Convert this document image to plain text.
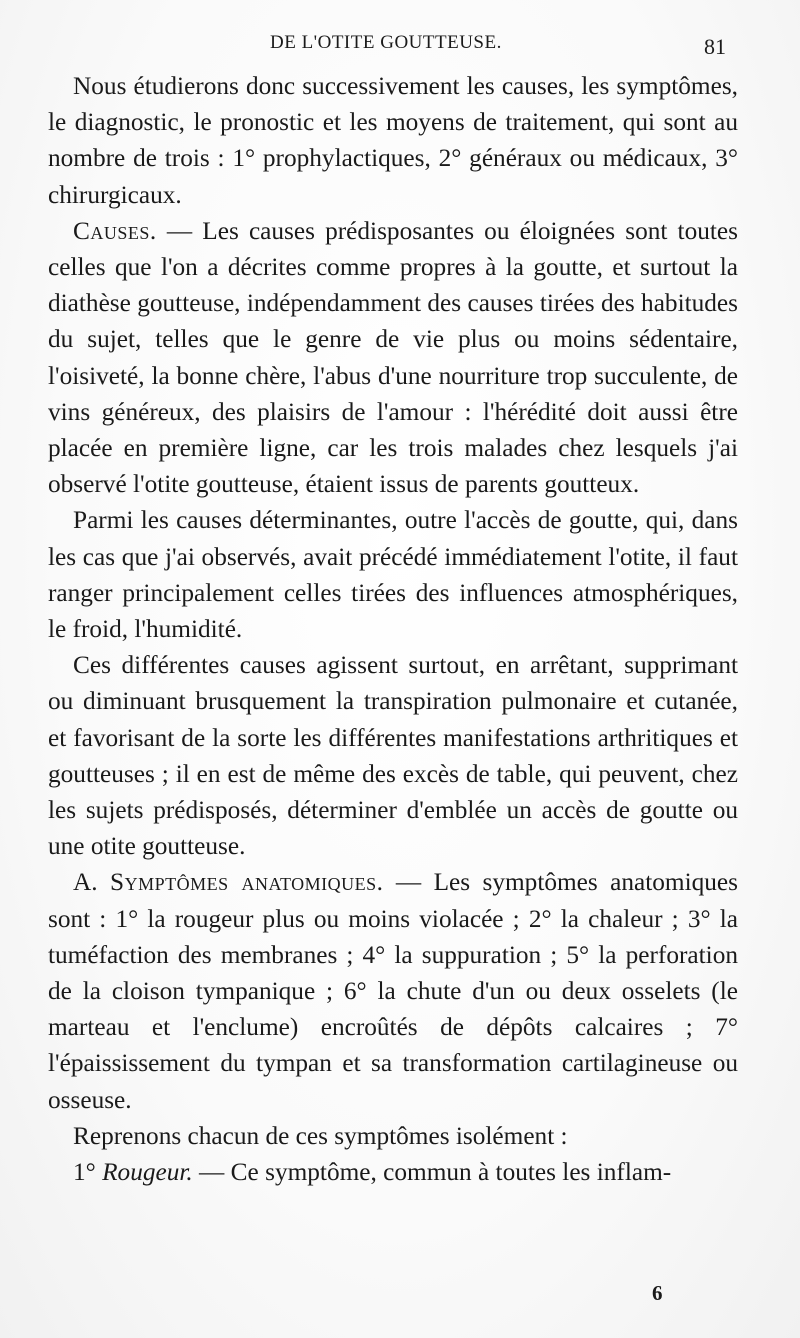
DE L'OTITE GOUTTEUSE.	81

Nous étudierons donc successivement les causes, les symptômes, le diagnostic, le pronostic et les moyens de traitement, qui sont au nombre de trois : 1° prophylactiques, 2° généraux ou médicaux, 3° chirurgicaux.

Causes. — Les causes prédisposantes ou éloignées sont toutes celles que l'on a décrites comme propres à la goutte, et surtout la diathèse goutteuse, indépendamment des causes tirées des habitudes du sujet, telles que le genre de vie plus ou moins sédentaire, l'oisiveté, la bonne chère, l'abus d'une nourriture trop succulente, de vins généreux, des plaisirs de l'amour : l'hérédité doit aussi être placée en première ligne, car les trois malades chez lesquels j'ai observé l'otite goutteuse, étaient issus de parents goutteux.

Parmi les causes déterminantes, outre l'accès de goutte, qui, dans les cas que j'ai observés, avait précédé immédiatement l'otite, il faut ranger principalement celles tirées des influences atmosphériques, le froid, l'humidité.

Ces différentes causes agissent surtout, en arrêtant, supprimant ou diminuant brusquement la transpiration pulmonaire et cutanée, et favorisant de la sorte les différentes manifestations arthritiques et goutteuses ; il en est de même des excès de table, qui peuvent, chez les sujets prédisposés, déterminer d'emblée un accès de goutte ou une otite goutteuse.

A. Symptômes anatomiques. — Les symptômes anatomiques sont : 1° la rougeur plus ou moins violacée ; 2° la chaleur ; 3° la tuméfaction des membranes ; 4° la suppuration ; 5° la perforation de la cloison tympanique ; 6° la chute d'un ou deux osselets (le marteau et l'enclume) encroûtés de dépôts calcaires ; 7° l'épaississement du tympan et sa transformation cartilagineuse ou osseuse.

Reprenons chacun de ces symptômes isolément :

1° Rougeur. — Ce symptôme, commun à toutes les inflam-

6
